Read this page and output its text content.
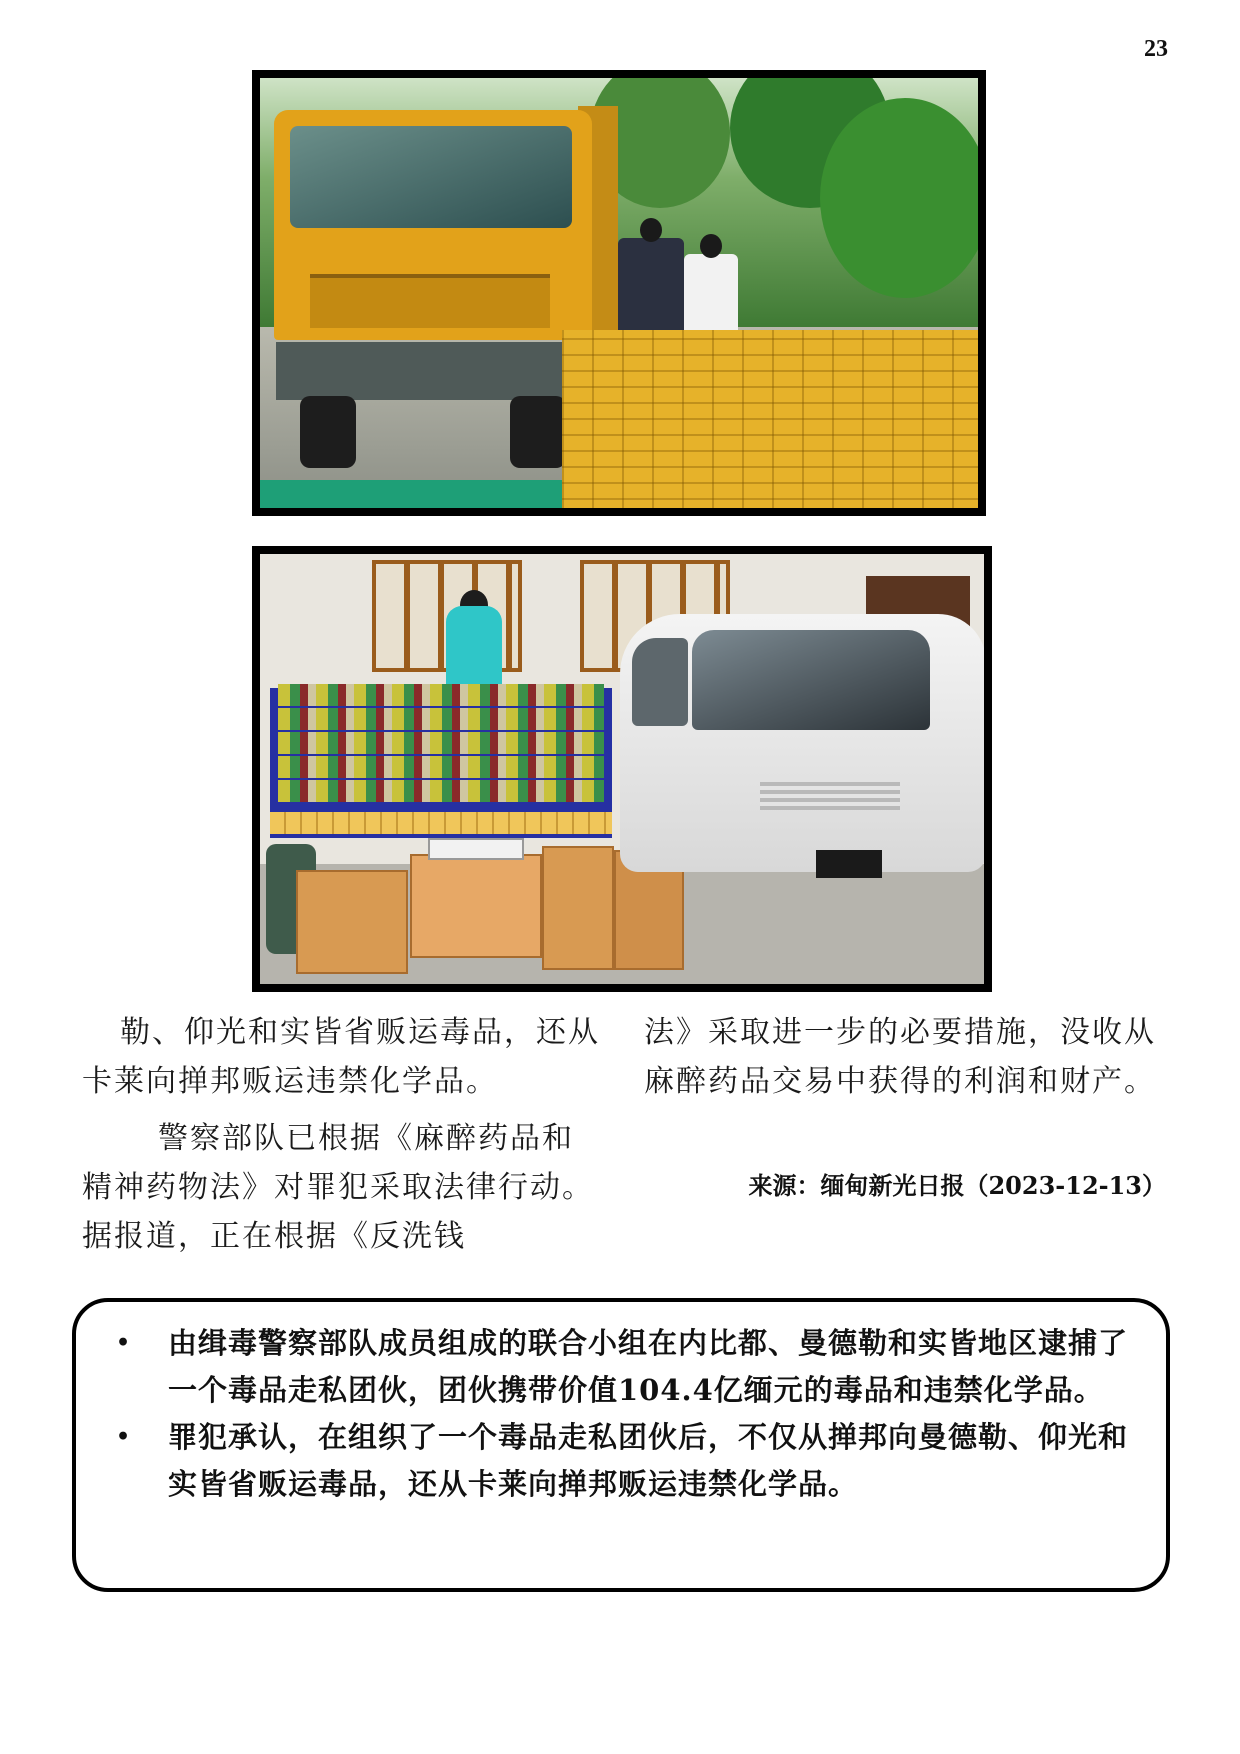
23

勒、仰光和实皆省贩运毒品，还从卡莱向掸邦贩运违禁化学品。

警察部队已根据《麻醉药品和精神药物法》对罪犯采取法律行动。据报道，正在根据《反洗钱

法》采取进一步的必要措施，没收从麻醉药品交易中获得的利润和财产。

来源：缅甸新光日报（2023-12-13）
• 由缉毒警察部队成员组成的联合小组在内比都、曼德勒和实皆地区逮捕了一个毒品走私团伙，团伙携带价值104.4亿缅元的毒品和违禁化学品。
• 罪犯承认，在组织了一个毒品走私团伙后，不仅从掸邦向曼德勒、仰光和实皆省贩运毒品，还从卡莱向掸邦贩运违禁化学品。
